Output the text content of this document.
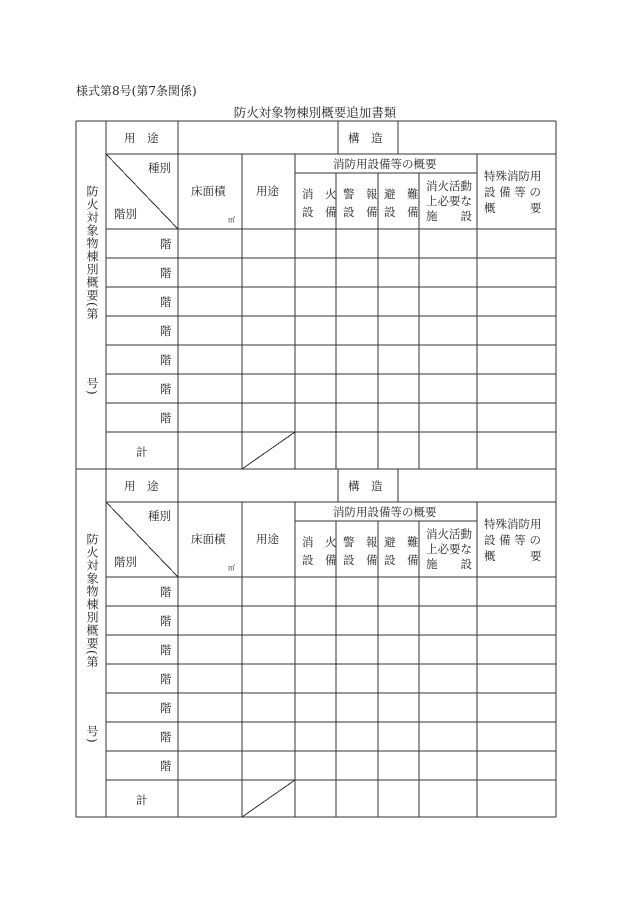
様式第8号(第7条関係)
防火対象物棟別概要追加書類
防火対象物棟別概要(第
号)
用　途	構　造
種別
階別
床面積
㎡
用途
消防用設備等の概要
消　火
設　備
警　報
設　備
避　難
設　備
消火活動
上必要な
施　　設
特殊消防用
設 備 等 の
概　　　要
階
階
階
階
階
階
階
計
防火対象物棟別概要(第
号)
用　途	構　造
種別
階別
床面積
㎡
用途
消防用設備等の概要
消　火
設　備
警　報
設　備
避　難
設　備
消火活動
上必要な
施　　設
特殊消防用
設 備 等 の
概　　　要
階
階
階
階
階
階
階
計
